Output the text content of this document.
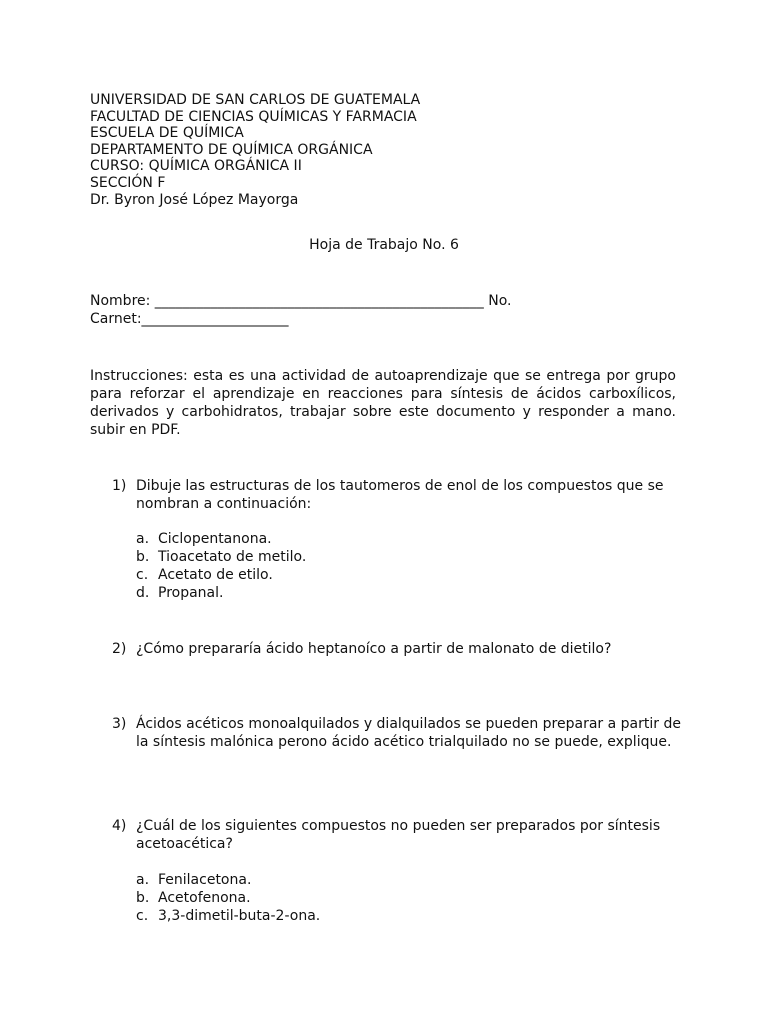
UNIVERSIDAD DE SAN CARLOS DE GUATEMALA
FACULTAD DE CIENCIAS QUÍMICAS Y FARMACIA
ESCUELA DE QUÍMICA
DEPARTAMENTO DE QUÍMICA ORGÁNICA
CURSO: QUÍMICA ORGÁNICA II
SECCIÓN F
Dr. Byron José López Mayorga
Hoja de Trabajo No. 6
Nombre: _______________________________________________ No.
Carnet:_____________________
Instrucciones: esta es una actividad de autoaprendizaje que se entrega por grupo para reforzar el aprendizaje en reacciones para síntesis de ácidos carboxílicos, derivados y carbohidratos, trabajar sobre este documento y responder a mano. subir en PDF.
1) Dibuje las estructuras de los tautomeros de enol de los compuestos que se nombran a continuación:
a. Ciclopentanona.
b. Tioacetato de metilo.
c. Acetato de etilo.
d. Propanal.
2) ¿Cómo prepararía ácido heptanoíco a partir de malonato de dietilo?
3) Ácidos acéticos monoalquilados y dialquilados se pueden preparar a partir de la síntesis malónica perono ácido acético trialquilado no se puede, explique.
4) ¿Cuál de los siguientes compuestos no pueden ser preparados por síntesis acetoacética?
a. Fenilacetona.
b. Acetofenona.
c. 3,3-dimetil-buta-2-ona.
